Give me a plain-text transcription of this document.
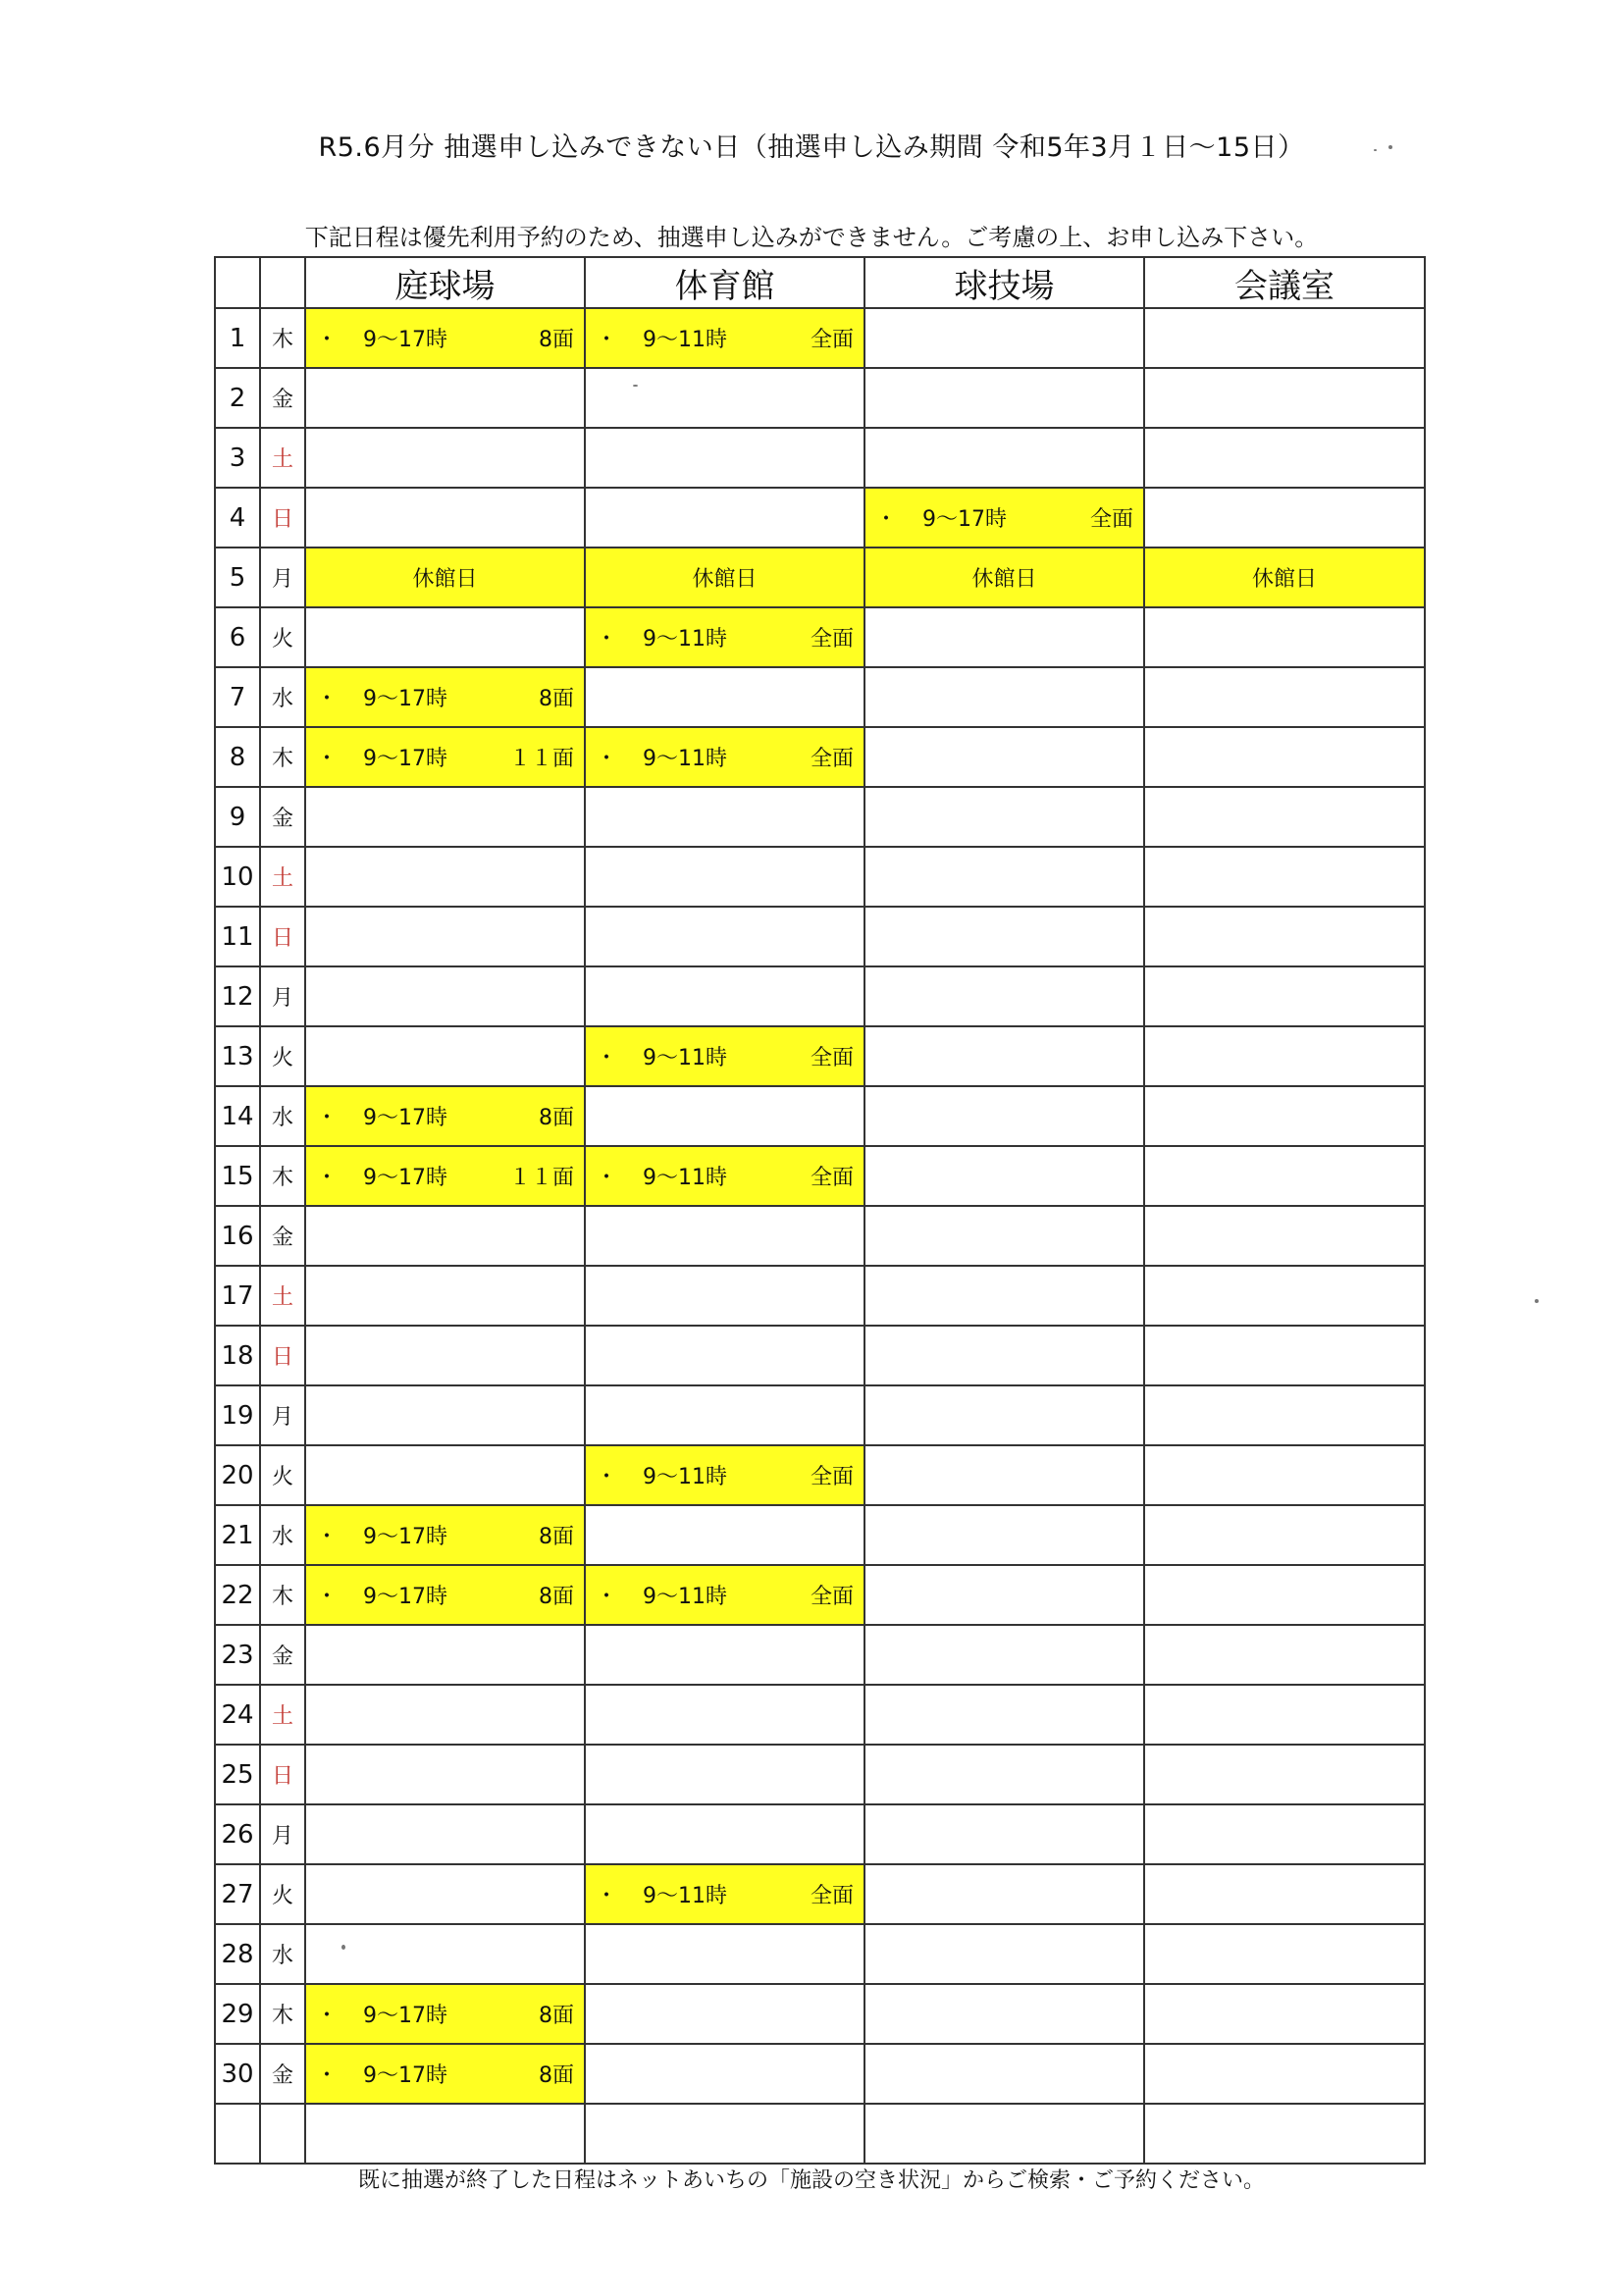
R5.6月分 抽選申し込みできない日（抽選申し込み期間 令和5年3月１日〜15日）
下記日程は優先利用予約のため、抽選申し込みができません。ご考慮の上、お申し込み下さい。
		庭球場	体育館	球技場	会議室
1	木	・ 9〜17時 8面	・ 9〜11時 全面		

2	金				
3	土				
4	日			・ 9〜17時 全面	

5	月	休館日	休館日	休館日	休館日

6	火		・ 9〜11時 全面		

7	水	・ 9〜17時 8面			

8	木	・ 9〜17時 １１面	・ 9〜11時 全面		

9	金				
10	土				
11	日				
12	月				
13	火		・ 9〜11時 全面		

14	水	・ 9〜17時 8面			

15	木	・ 9〜17時 １１面	・ 9〜11時 全面		

16	金				
17	土				
18	日				
19	月				
20	火		・ 9〜11時 全面		

21	水	・ 9〜17時 8面			

22	木	・ 9〜17時 8面	・ 9〜11時 全面		

23	金				
24	土				
25	日				
26	月				
27	火		・ 9〜11時 全面		

28	水				
29	木	・ 9〜17時 8面			

30	金	・ 9〜17時 8面			

既に抽選が終了した日程はネットあいちの「施設の空き状況」からご検索・ご予約ください。
